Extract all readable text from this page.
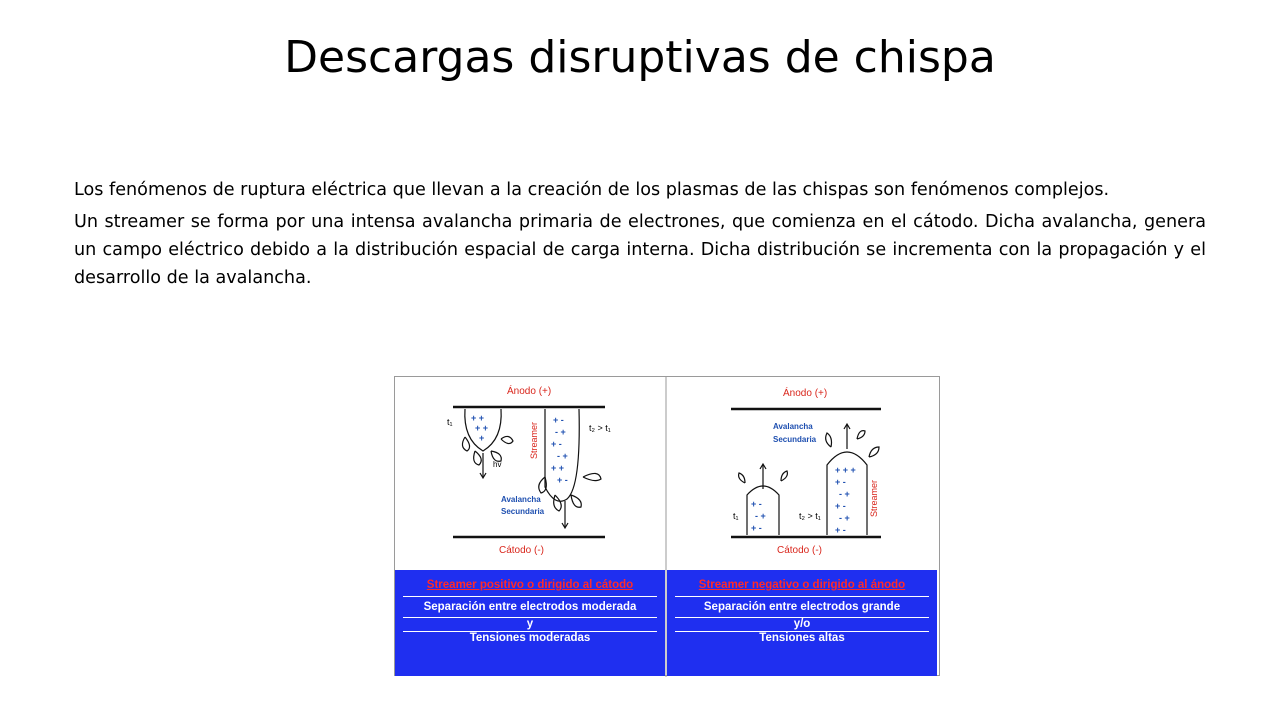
Descargas disruptivas de chispa

Los fenómenos de ruptura eléctrica que llevan a la creación de los plasmas de las chispas son fenómenos complejos.

Un streamer se forma por una intensa avalancha primaria de electrones, que comienza en el cátodo. Dicha avalancha, genera un campo eléctrico debido a la distribución espacial de carga interna. Dicha distribución se incrementa con la propagación y el desarrollo de la avalancha.

+ +
+ +
+
+ -
- +
+ -
- +
+ +
+ -
+ -
- +
+ -
+ + +
+ -
- +
+ -
- +
+ -
Ánodo (+)
t₁
t₂ > t₁
hv
Streamer
Avalancha
Secundaria
Cátodo (-)
Ánodo (+)
Avalancha
Secundaria
t₁	t₂ > t₁	Streamer
Cátodo (-)
Streamer positivo o dirigido al cátodo
Separación entre electrodos moderada
y
Tensiones moderadas
Streamer negativo o dirigido al ánodo
Separación entre electrodos grande
y/o
Tensiones altas
